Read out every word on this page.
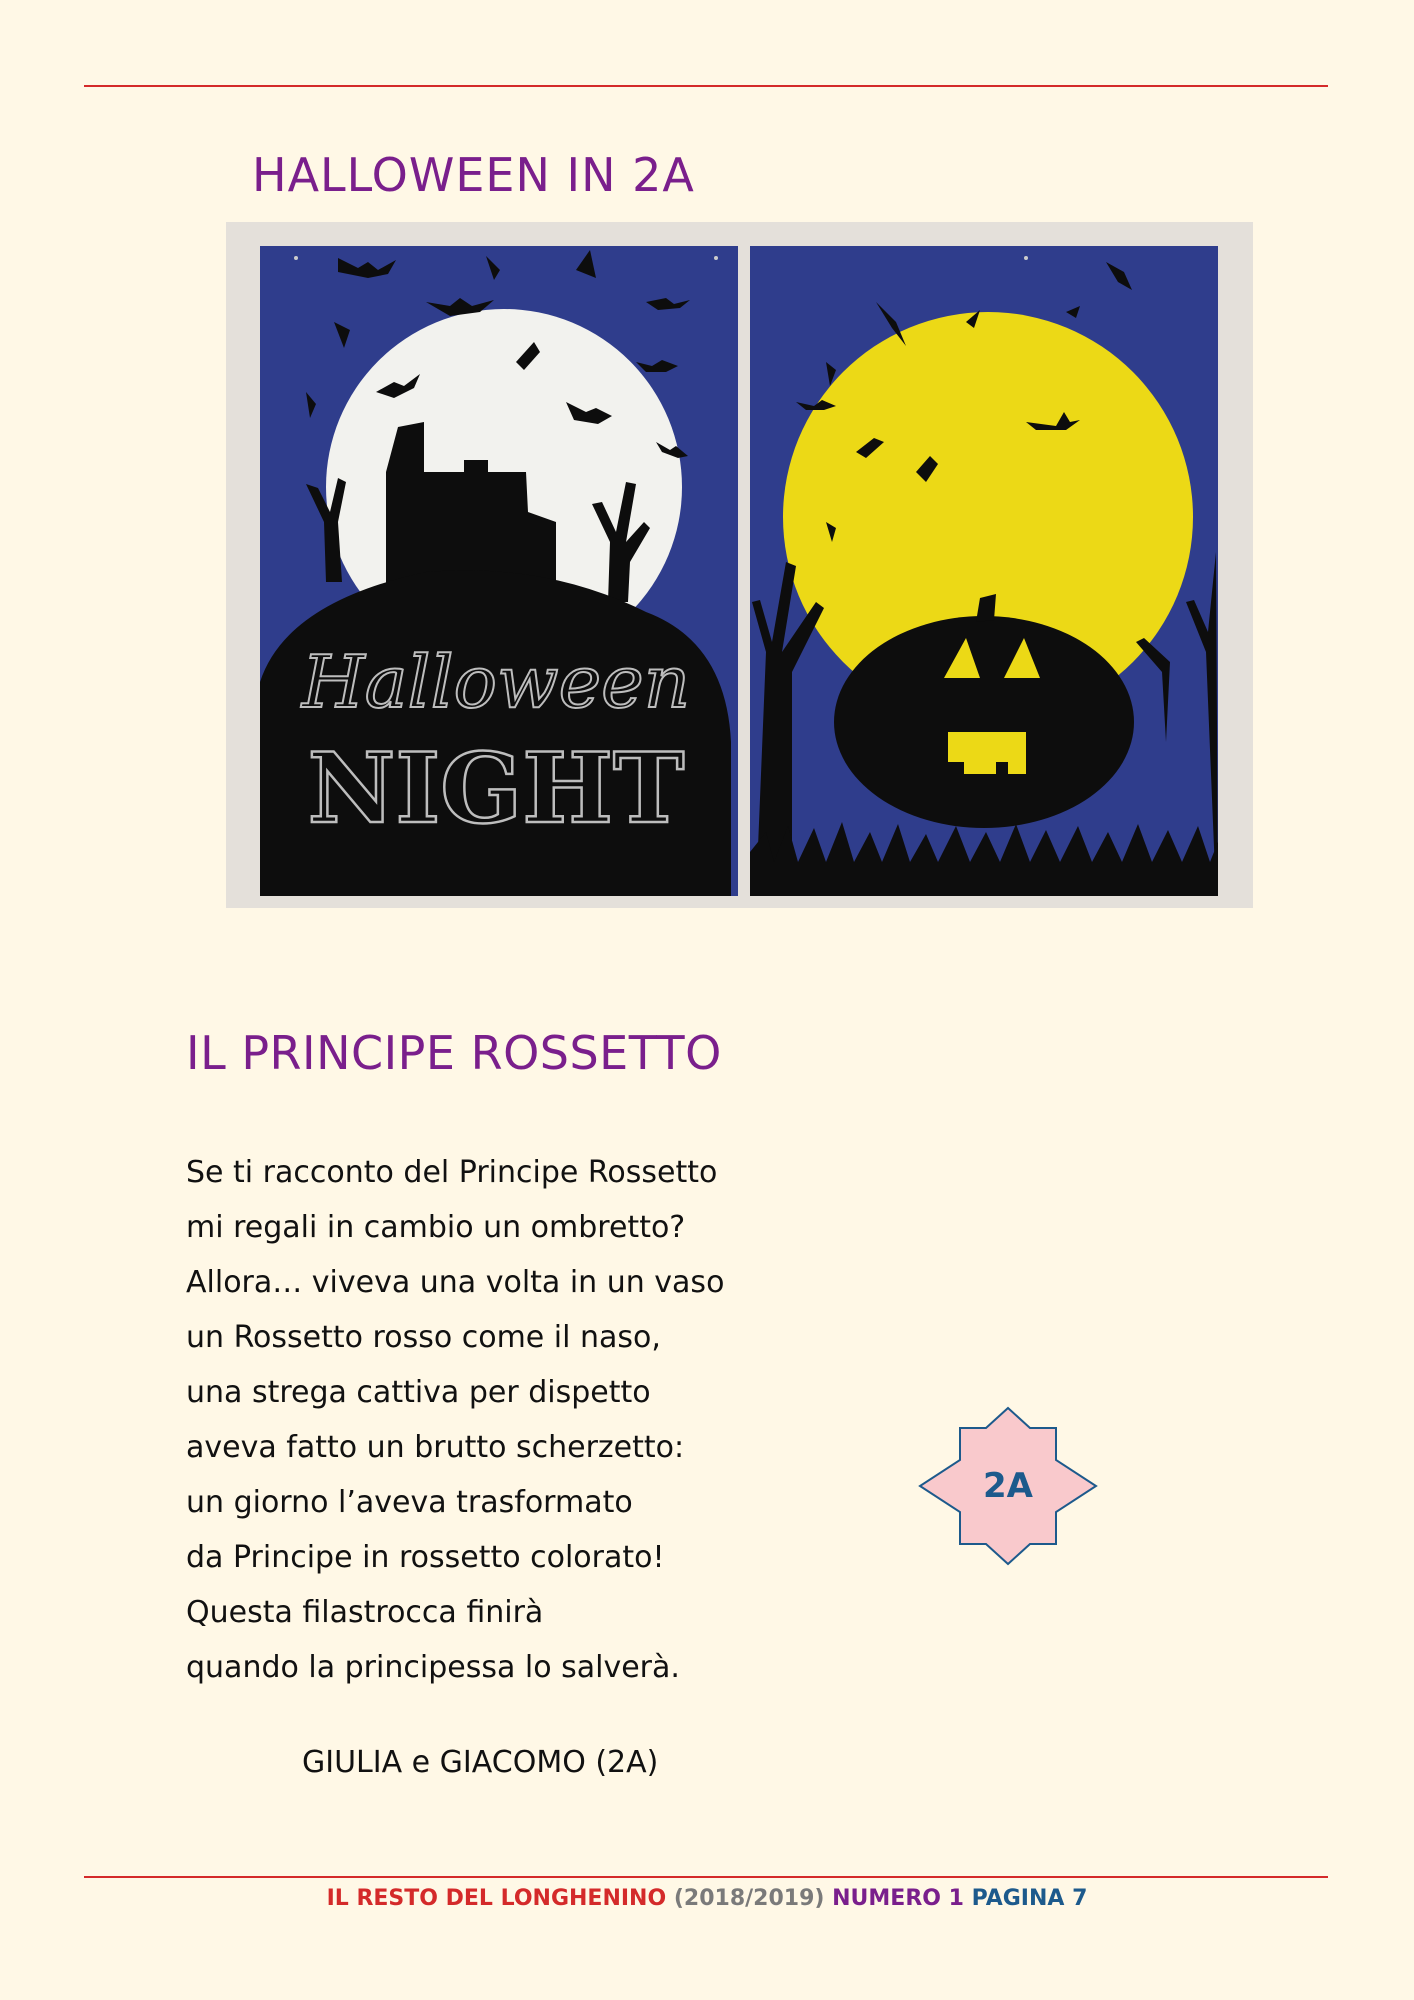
HALLOWEEN IN 2A
Halloween
NIGHT
IL PRINCIPE ROSSETTO
Se ti racconto del Principe Rossetto
mi regali in cambio un ombretto?
Allora… viveva una volta in un vaso
un Rossetto rosso come il naso,
una strega cattiva per dispetto
aveva fatto un brutto scherzetto:
un giorno l’aveva trasformato
da Principe in rossetto colorato!
Questa filastrocca finirà
quando la principessa lo salverà.
GIULIA e GIACOMO (2A)
2A
IL RESTO DEL LONGHENINO (2018/2019) NUMERO 1 PAGINA 7
